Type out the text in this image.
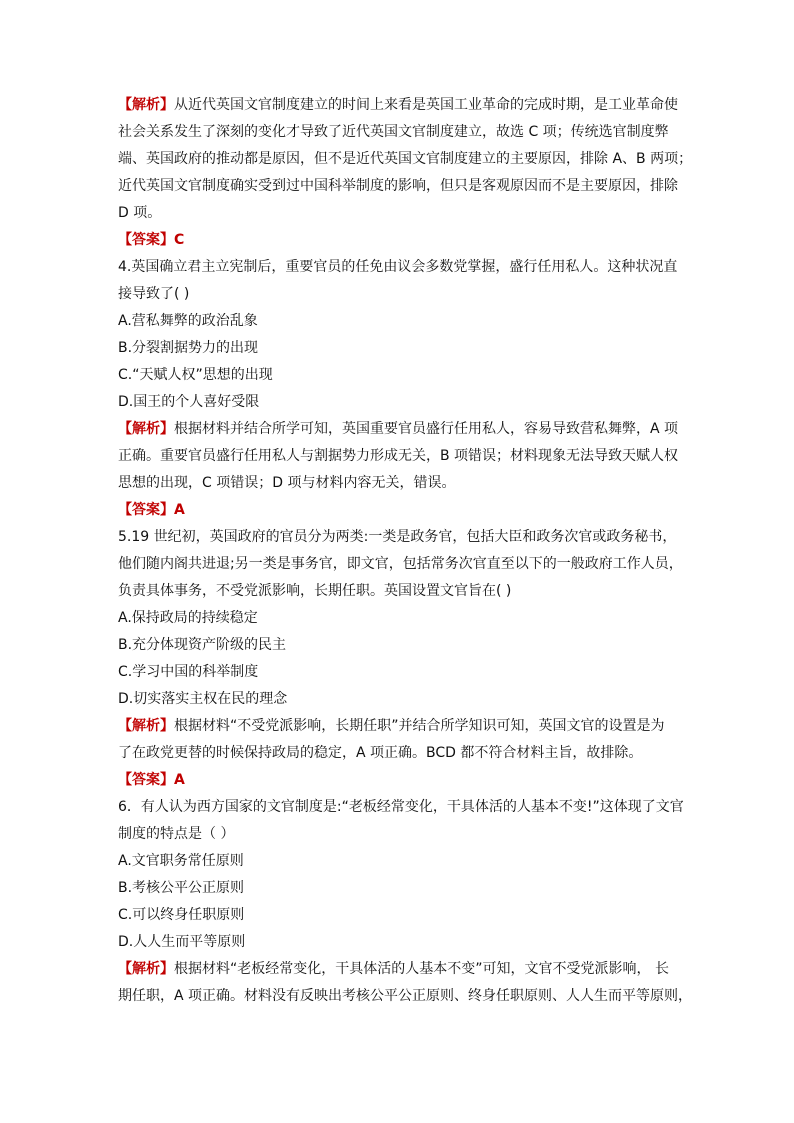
【解析】从近代英国文官制度建立的时间上来看是英国工业革命的完成时期，是工业革命使
社会关系发生了深刻的变化才导致了近代英国文官制度建立，故选 C 项；传统选官制度弊
端、英国政府的推动都是原因，但不是近代英国文官制度建立的主要原因，排除 A、B 两项；
近代英国文官制度确实受到过中国科举制度的影响，但只是客观原因而不是主要原因，排除
D 项。
【答案】C
4.英国确立君主立宪制后，重要官员的任免由议会多数党掌握，盛行任用私人。这种状况直
接导致了( )
A.营私舞弊的政治乱象
B.分裂割据势力的出现
C.“天赋人权”思想的出现
D.国王的个人喜好受限
【解析】根据材料并结合所学可知，英国重要官员盛行任用私人，容易导致营私舞弊，A 项
正确。重要官员盛行任用私人与割据势力形成无关，B 项错误；材料现象无法导致天赋人权
思想的出现，C 项错误；D 项与材料内容无关，错误。
【答案】A
5.19 世纪初，英国政府的官员分为两类:一类是政务官，包括大臣和政务次官或政务秘书，
他们随内阁共进退;另一类是事务官，即文官，包括常务次官直至以下的一般政府工作人员，
负责具体事务，不受党派影响，长期任职。英国设置文官旨在( )
A.保持政局的持续稳定
B.充分体现资产阶级的民主
C.学习中国的科举制度
D.切实落实主权在民的理念
【解析】根据材料“不受党派影响，长期任职”并结合所学知识可知，英国文官的设置是为
了在政党更替的时候保持政局的稳定，A 项正确。BCD 都不符合材料主旨，故排除。
【答案】A
6．有人认为西方国家的文官制度是:“老板经常变化，干具体活的人基本不变!”这体现了文官
制度的特点是（ ）
A.文官职务常任原则
B.考核公平公正原则
C.可以终身任职原则
D.人人生而平等原则
【解析】根据材料“老板经常变化，干具体活的人基本不变”可知，文官不受党派影响， 长
期任职，A 项正确。材料没有反映出考核公平公正原则、终身任职原则、人人生而平等原则，
